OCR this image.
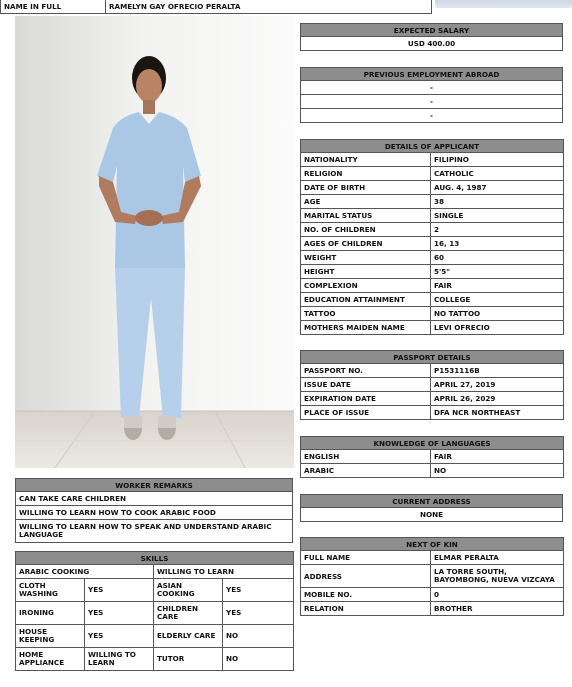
NAME IN FULL	RAMELYN GAY OFRECIO PERALTA
EXPECTED SALARY
USD 400.00
PREVIOUS EMPLOYMENT ABROAD
-
-
-
DETAILS OF APPLICANT	
NATIONALITY	FILIPINO
RELIGION	CATHOLIC
DATE OF BIRTH	AUG. 4, 1987
AGE	38
MARITAL STATUS	SINGLE
NO. OF CHILDREN	2
AGES OF CHILDREN	16, 13
WEIGHT	60
HEIGHT	5'5"
COMPLEXION	FAIR
EDUCATION ATTAINMENT	COLLEGE
TATTOO	NO TATTOO
MOTHERS MAIDEN NAME	LEVI OFRECIO
PASSPORT DETAILS	
PASSPORT NO.	P1531116B
ISSUE DATE	APRIL 27, 2019
EXPIRATION DATE	APRIL 26, 2029
PLACE OF ISSUE	DFA NCR NORTHEAST
KNOWLEDGE OF LANGUAGES	
ENGLISH	FAIR
ARABIC	NO
CURRENT ADDRESS
NONE
NEXT OF KIN	
FULL NAME	ELMAR PERALTA
ADDRESS	LA TORRE SOUTH, BAYOMBONG, NUEVA VIZCAYA
MOBILE NO.	0
RELATION	BROTHER
WORKER REMARKS
CAN TAKE CARE CHILDREN
WILLING TO LEARN HOW TO COOK ARABIC FOOD
WILLING TO LEARN HOW TO SPEAK AND UNDERSTAND ARABIC LANGUAGE
SKILLS			
ARABIC COOKING		WILLING TO LEARN	
CLOTH WASHING	YES	ASIAN COOKING	YES
IRONING	YES	CHILDREN CARE	YES
HOUSE KEEPING	YES	ELDERLY CARE	NO
HOME APPLIANCE	WILLING TO LEARN	TUTOR	NO
